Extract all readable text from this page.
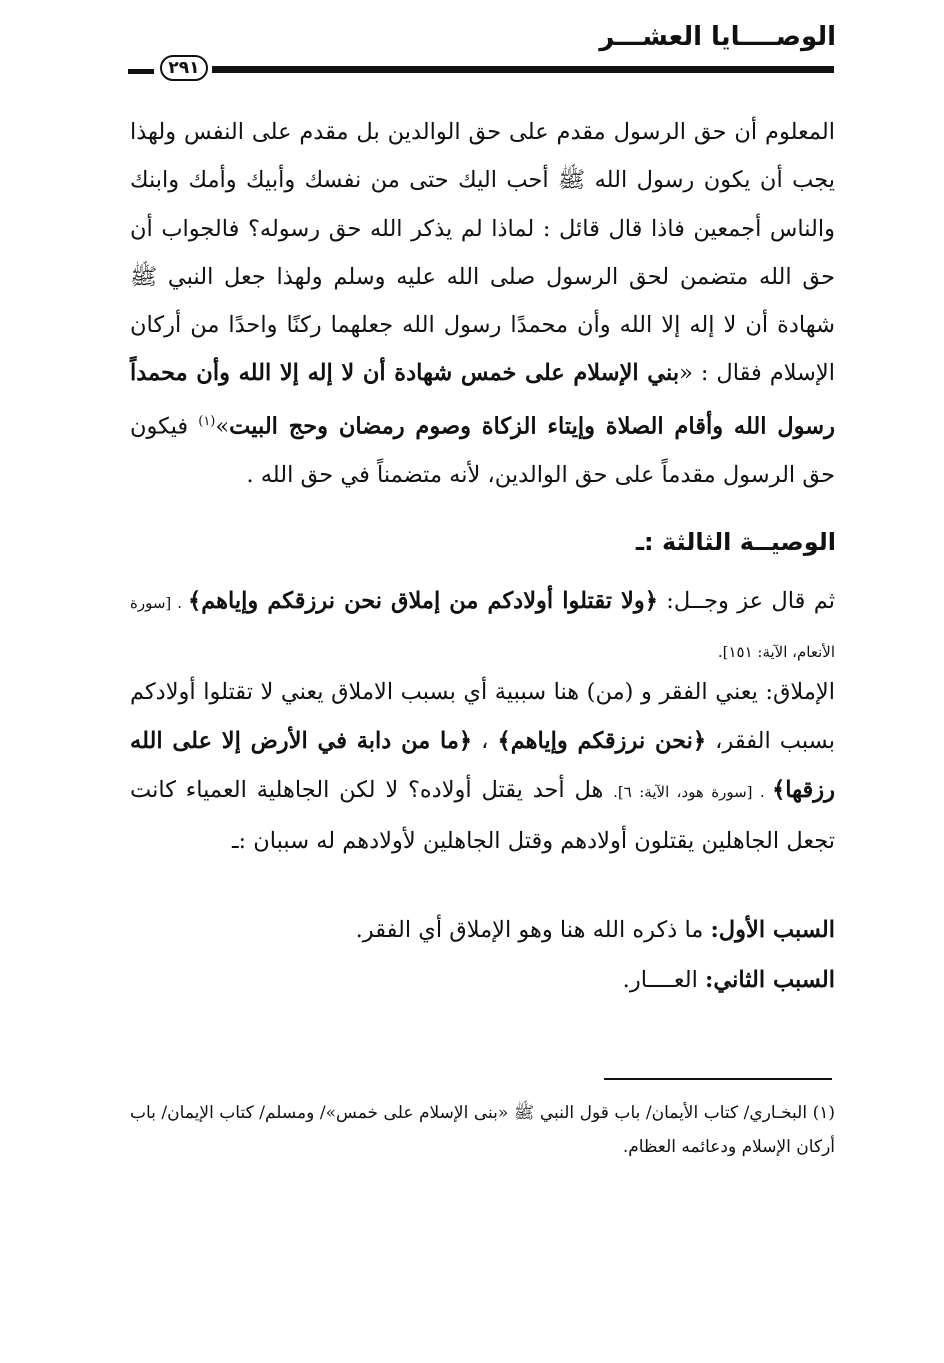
الوصــــايا العشـــر
٢٩١
المعلوم أن حق الرسول مقدم على حق الوالدين بل مقدم على النفس ولهذا يجب أن يكون رسول الله ﷺ أحب اليك حتى من نفسك وأبيك وأمك وابنك والناس أجمعين فاذا قال قائل : لماذا لم يذكر الله حق رسوله؟ فالجواب أن حق الله متضمن لحق الرسول صلى الله عليه وسلم ولهذا جعل النبي ﷺ شهادة أن لا إله إلا الله وأن محمدًا رسول الله جعلهما ركنًا واحدًا من أركان الإسلام فقال : «بني الإسلام على خمس شهادة أن لا إله إلا الله وأن محمداً رسول الله وأقام الصلاة وإيتاء الزكاة وصوم رمضان وحج البيت»$^{(١)}$ فيكون حق الرسول مقدماً على حق الوالدين، لأنه متضمناً في حق الله .
الوصيــة الثالثة :ـ
ثم قال عز وجــل: ﴿ولا تقتلوا أولادكم من إملاق نحن نرزقكم وإياهم﴾ . [سورة الأنعام، الآية: ١٥١].
الإملاق: يعني الفقر و (من) هنا سببية أي بسبب الاملاق يعني لا تقتلوا أولادكم بسبب الفقر، ﴿نحن نرزقكم وإياهم﴾ ، ﴿ما من دابة في الأرض إلا على الله رزقها﴾ . [سورة هود، الآية: ٦]. هل أحد يقتل أولاده؟ لا لكن الجاهلية العمياء كانت تجعل الجاهلين يقتلون أولادهم وقتل الجاهلين لأولادهم له سببان :ـ
السبب الأول: ما ذكره الله هنا وهو الإملاق أي الفقر.
السبب الثاني: العــــار.
(١) البخـاري/ كتاب الأيمان/ باب قول النبي ﷺ «بنى الإسلام على خمس»/ ومسلم/ كتاب الإيمان/ باب أركان الإسلام ودعائمه العظام.
